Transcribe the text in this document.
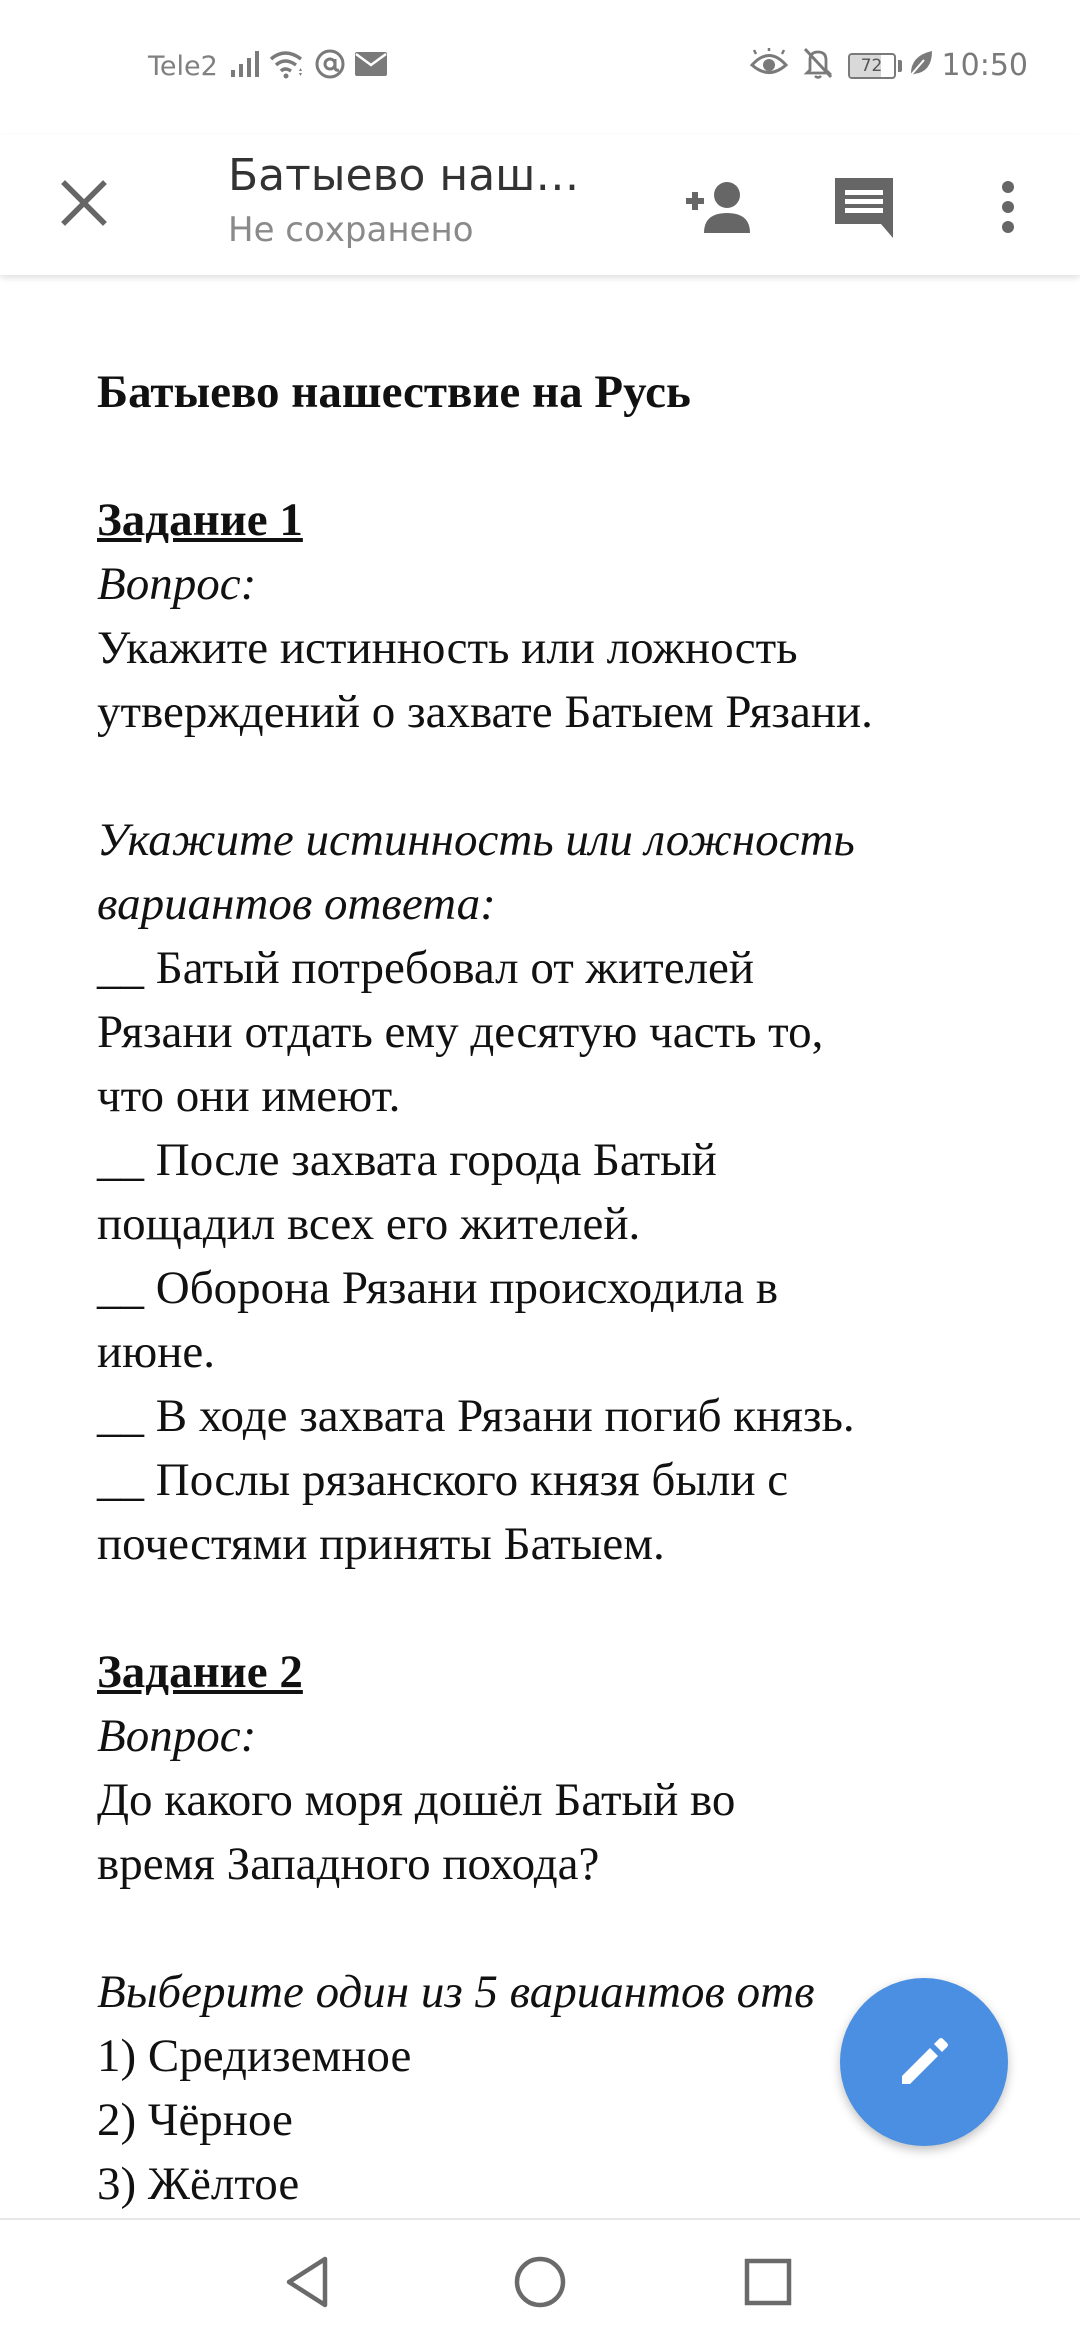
Tele2	72 10:50
Батыево наш…
Не сохранено

Батыево нашествие на Русь

Задание 1

Вопрос:

Укажите истинность или ложность

утверждений о захвате Батыем Рязани.

Укажите истинность или ложность

вариантов ответа:

__ Батый потребовал от жителей

Рязани отдать ему десятую часть то,

что они имеют.

__ После захвата города Батый

пощадил всех его жителей.

__ Оборона Рязани происходила в

июне.

__ В ходе захвата Рязани погиб князь.

__ Послы рязанского князя были с

почестями приняты Батыем.

Задание 2

Вопрос:

До какого моря дошёл Батый во

время Западного похода?

Выберите один из 5 вариантов отв

1) Средиземное

2) Чёрное

3) Жёлтое
